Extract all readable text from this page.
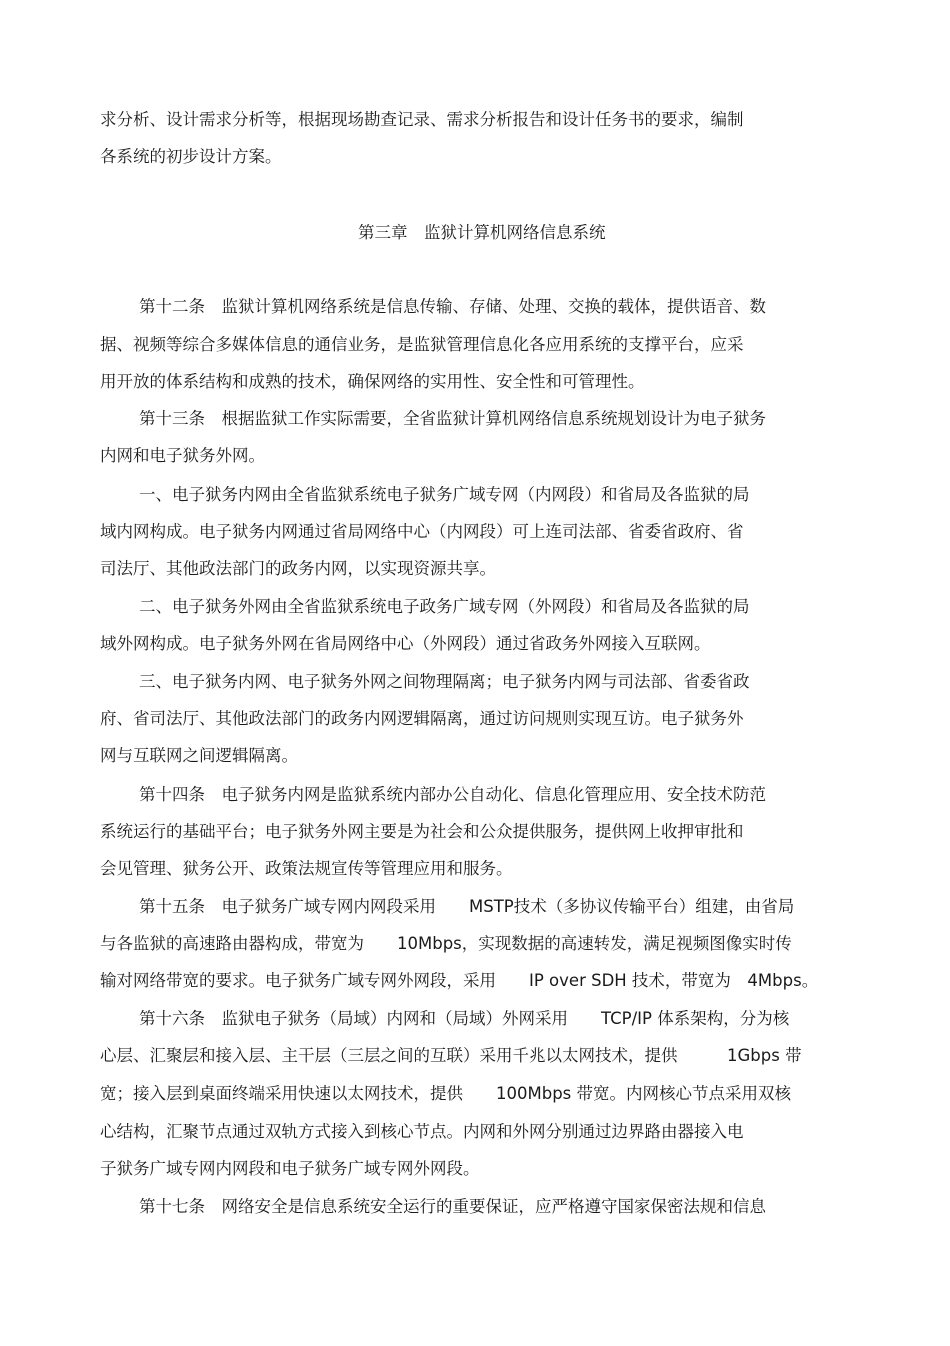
求分析、设计需求分析等，根据现场勘查记录、需求分析报告和设计任务书的要求，编制
各系统的初步设计方案。
第三章　监狱计算机网络信息系统
第十二条　监狱计算机网络系统是信息传输、存储、处理、交换的载体，提供语音、数
据、视频等综合多媒体信息的通信业务，是监狱管理信息化各应用系统的支撑平台，应采
用开放的体系结构和成熟的技术，确保网络的实用性、安全性和可管理性。
第十三条　根据监狱工作实际需要，全省监狱计算机网络信息系统规划设计为电子狱务
内网和电子狱务外网。
一、电子狱务内网由全省监狱系统电子狱务广域专网（内网段）和省局及各监狱的局
域内网构成。电子狱务内网通过省局网络中心（内网段）可上连司法部、省委省政府、省
司法厅、其他政法部门的政务内网，以实现资源共享。
二、电子狱务外网由全省监狱系统电子政务广域专网（外网段）和省局及各监狱的局
域外网构成。电子狱务外网在省局网络中心（外网段）通过省政务外网接入互联网。
三、电子狱务内网、电子狱务外网之间物理隔离；电子狱务内网与司法部、省委省政
府、省司法厅、其他政法部门的政务内网逻辑隔离，通过访问规则实现互访。电子狱务外
网与互联网之间逻辑隔离。
第十四条　电子狱务内网是监狱系统内部办公自动化、信息化管理应用、安全技术防范
系统运行的基础平台；电子狱务外网主要是为社会和公众提供服务，提供网上收押审批和
会见管理、狱务公开、政策法规宣传等管理应用和服务。
第十五条　电子狱务广域专网内网段采用　　MSTP技术（多协议传输平台）组建，由省局
与各监狱的高速路由器构成，带宽为　　10Mbps，实现数据的高速转发，满足视频图像实时传
输对网络带宽的要求。电子狱务广域专网外网段，采用　　IP over SDH 技术，带宽为　4Mbps。
第十六条　监狱电子狱务（局域）内网和（局域）外网采用　　TCP/IP 体系架构，分为核
心层、汇聚层和接入层、主干层（三层之间的互联）采用千兆以太网技术，提供　　　1Gbps 带
宽；接入层到桌面终端采用快速以太网技术，提供　　100Mbps 带宽。内网核心节点采用双核
心结构，汇聚节点通过双轨方式接入到核心节点。内网和外网分别通过边界路由器接入电
子狱务广域专网内网段和电子狱务广域专网外网段。
第十七条　网络安全是信息系统安全运行的重要保证，应严格遵守国家保密法规和信息
